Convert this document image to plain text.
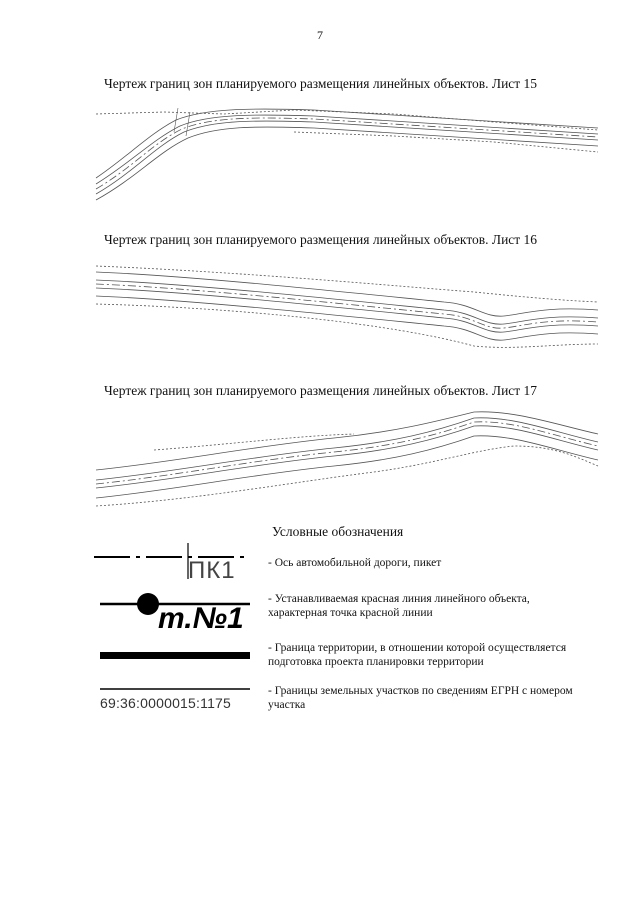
7
Чертеж границ зон планируемого размещения линейных объектов. Лист 15
Чертеж границ зон планируемого размещения линейных объектов. Лист 16
Чертеж границ зон планируемого размещения линейных объектов. Лист 17
Условные обозначения
ПК1
т.№1
69:36:0000015:1175
- Ось автомобильной дороги, пикет
- Устанавливаемая красная линия линейного объекта, характерная точка красной линии
- Граница территории, в отношении которой осуществляется подготовка проекта планировки территории
- Границы земельных участков по сведениям ЕГРН с номером участка
